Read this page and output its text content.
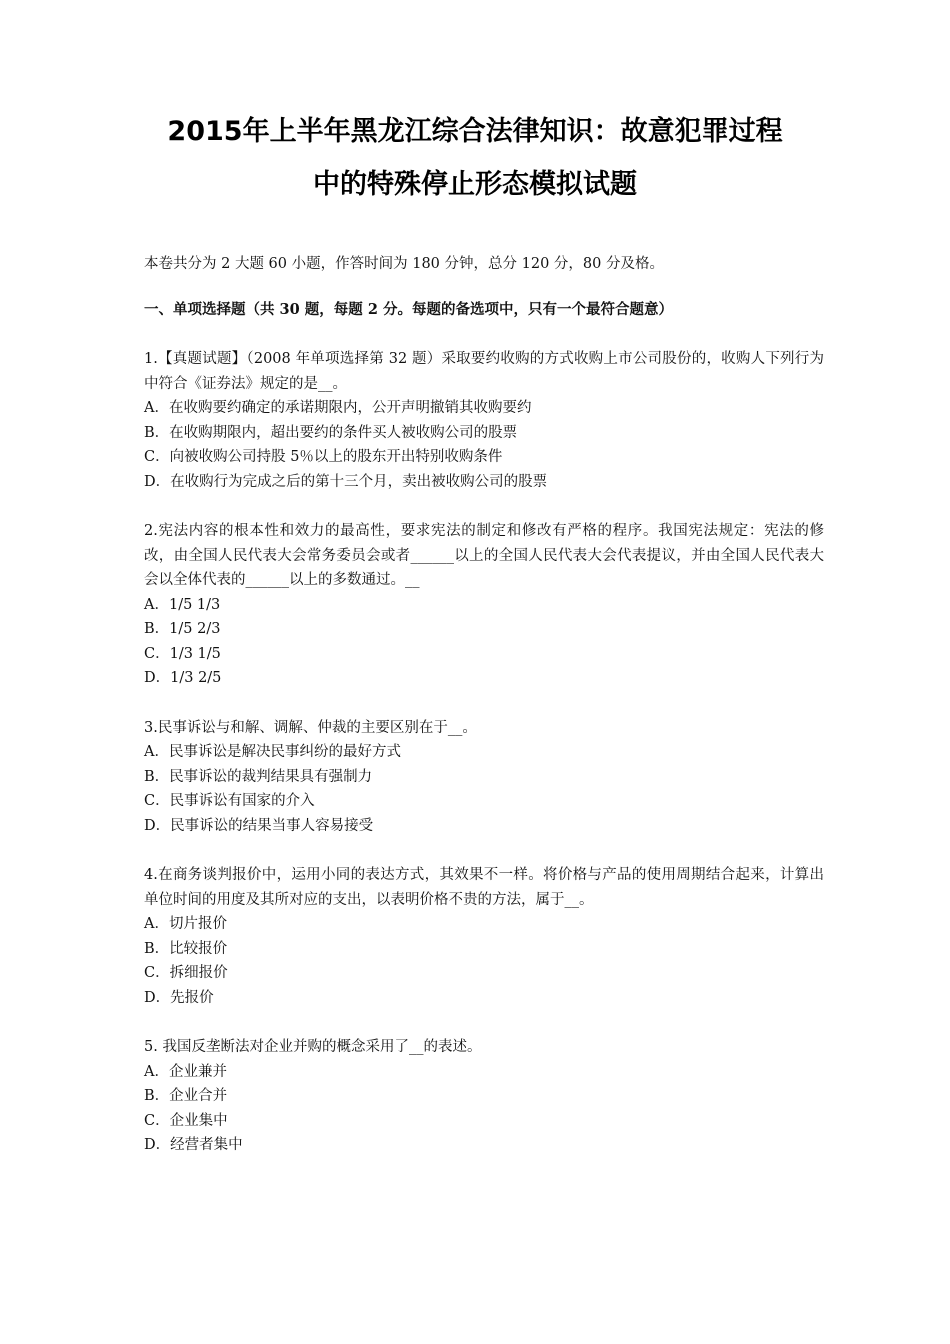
2015年上半年黑龙江综合法律知识：故意犯罪过程
中的特殊停止形态模拟试题

本卷共分为 2 大题 60 小题，作答时间为 180 分钟，总分 120 分，80 分及格。

一、单项选择题（共 30 题，每题 2 分。每题的备选项中，只有一个最符合题意）

1.【真题试题】（2008 年单项选择第 32 题）采取要约收购的方式收购上市公司股份的，收购人下列行为中符合《证券法》规定的是__。

A．在收购要约确定的承诺期限内，公开声明撤销其收购要约
B．在收购期限内，超出要约的条件买人被收购公司的股票
C．向被收购公司持股 5％以上的股东开出特别收购条件
D．在收购行为完成之后的第十三个月，卖出被收购公司的股票

2.宪法内容的根本性和效力的最高性，要求宪法的制定和修改有严格的程序。我国宪法规定：宪法的修改，由全国人民代表大会常务委员会或者______以上的全国人民代表大会代表提议，并由全国人民代表大会以全体代表的______以上的多数通过。__

A．1/5 1/3
B．1/5 2/3
C．1/3 1/5
D．1/3 2/5

3.民事诉讼与和解、调解、仲裁的主要区别在于__。

A．民事诉讼是解决民事纠纷的最好方式
B．民事诉讼的裁判结果具有强制力
C．民事诉讼有国家的介入
D．民事诉讼的结果当事人容易接受

4.在商务谈判报价中，运用小同的表达方式，其效果不一样。将价格与产品的使用周期结合起来，计算出单位时间的用度及其所对应的支出，以表明价格不贵的方法，属于__。

A．切片报价
B．比较报价
C．拆细报价
D．先报价

5. 我国反垄断法对企业并购的概念采用了__的表述。

A．企业兼并
B．企业合并
C．企业集中
D．经营者集中
